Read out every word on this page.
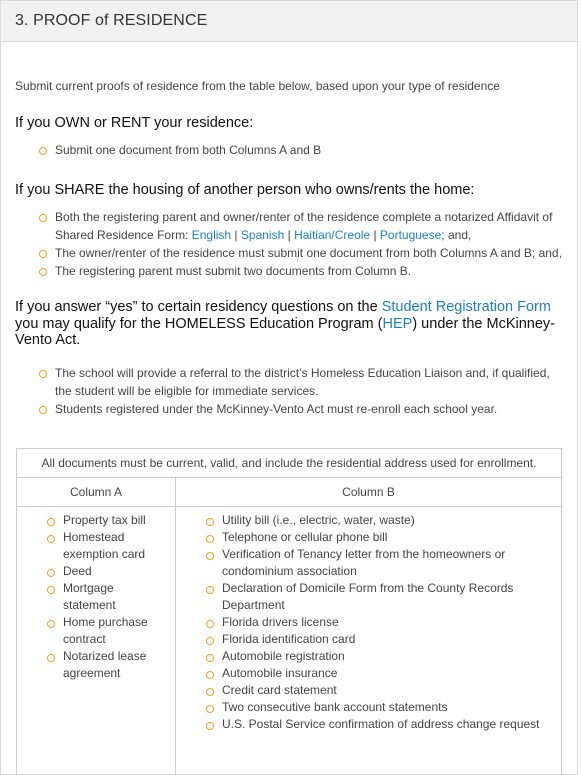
3. PROOF of RESIDENCE

Submit current proofs of residence from the table below, based upon your type of residence

If you OWN or RENT your residence:
Submit one document from both Columns A and B
If you SHARE the housing of another person who owns/rents the home:
Both the registering parent and owner/renter of the residence complete a notarized Affidavit of Shared Residence Form: English | Spanish | Haitian/Creole | Portuguese; and,
The owner/renter of the residence must submit one document from both Columns A and B; and,
The registering parent must submit two documents from Column B.
If you answer “yes” to certain residency questions on the Student Registration Form you may qualify for the HOMELESS Education Program (HEP) under the McKinney-Vento Act.
The school will provide a referral to the district’s Homeless Education Liaison and, if qualified, the student will be eligible for immediate services.
Students registered under the McKinney-Vento Act must re-enroll each school year.
All documents must be current, valid, and include the residential address used for enrollment.
Column A	Column B
Property tax bill
Homestead exemption card
Deed
Mortgage statement
Home purchase contract
Notarized lease agreement
Utility bill (i.e., electric, water, waste)
Telephone or cellular phone bill
Verification of Tenancy letter from the homeowners or condominium association
Declaration of Domicile Form from the County Records Department
Florida drivers license
Florida identification card
Automobile registration
Automobile insurance
Credit card statement
Two consecutive bank account statements
U.S. Postal Service confirmation of address change request
